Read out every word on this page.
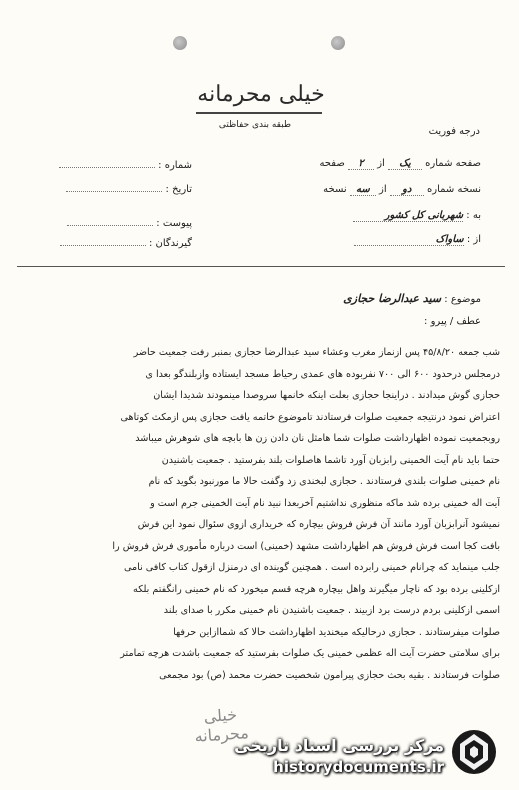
خیلی محرمانه
طبقه بندی حفاظتی
درجه فوریت
صفحه شماره یک از ۲ صفحه
نسخه شماره دو از سه نسخه
به : شهربانی کل کشور
از : ساواک
شماره :
تاریخ :
پیوست :
گیرندگان :
موضوع : سید عبدالرضا حجازی
عطف / پیرو :
شب جمعه ۴۵/۸/۲۰ پس ازنماز مغرب وعشاء سید عبدالرضا حجازی بمنبر رفت جمعیت حاضر
درمجلس درحدود ۶۰۰ الی ۷۰۰ نفربوده های عمدی رحیاط مسجد ایستاده وازبلندگو بعدا ی
حجازی گوش میدادند . دراینجا حجازی بعلت اینکه خانمها سروصدا مینمودند شدیدا ایشان
اعتراض نمود درنتیجه جمعیت صلوات فرستادند تاموضوع خاتمه یافت حجازی پس ازمکث کوتاهی
روبجمعیت نموده اظهارداشت صلوات شما هامثل نان دادن زن ها بابچه های شوهرش میباشد
حتما باید نام آیت الخمینی رابزبان آورد تاشما هاصلوات بلند بفرستید . جمعیت باشنیدن
نام خمینی صلوات بلندی فرستادند . حجازی لبخندی زد وگفت حالا ما مورنبود بگوید که نام
آیت اله خمینی برده شد ماکه منظوری نداشتیم آخربعدا نبید نام آیت الخمینی جرم است و
نمیشود آنرابزبان آورد مانند آن فرش فروش بیچاره که خریداری ازوی سئوال نمود این فرش
بافت کجا است فرش فروش هم اظهارداشت مشهد (خمینی) است درباره مأموری فرش فروش را
جلب مینماید که چرانام خمینی رابرده است . همچنین گوینده ای درمنزل ازقول کتاب کافی نامی
ازکلینی برده بود که ناچار میگیرند واهل بیچاره هرچه قسم میخورد که نام خمینی رانگفتم بلکه
اسمی ازکلینی بردم درست برد ازبیند . جمعیت باشنیدن نام خمینی مکرر با صدای بلند
صلوات میفرستادند . حجازی درحالیکه میخندید اظهارداشت حالا که شماازاین حرفها
برای سلامتی حضرت آیت اله عظمی خمینی یک صلوات بفرستید که جمعیت باشدت هرچه تمامتر
صلوات فرستادند . بقیه بحث حجازی پیرامون شخصیت حضرت محمد (ص) بود مجمعی
خیلی محرمانه
مرکز بررسی اسناد تاریخی
historydocuments.ir
